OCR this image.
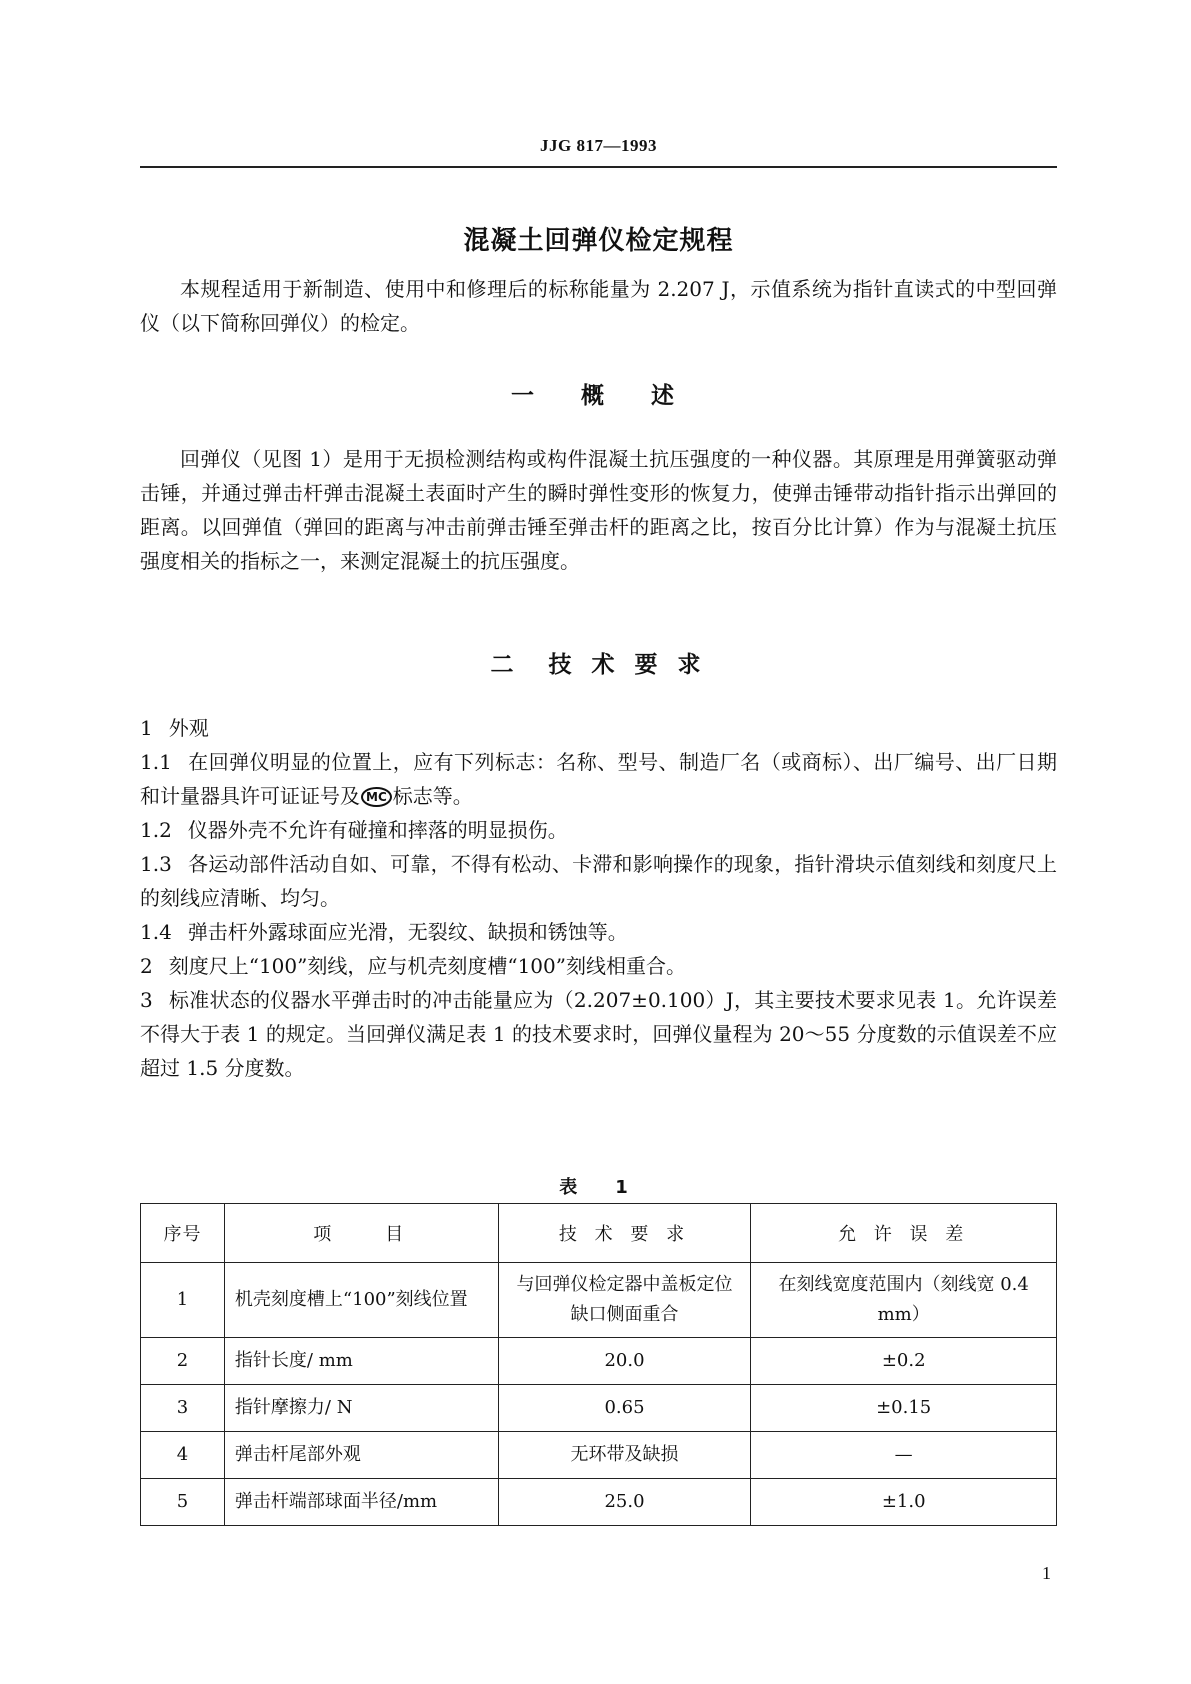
JJG 817—1993
混凝土回弹仪检定规程

本规程适用于新制造、使用中和修理后的标称能量为 2.207 J，示值系统为指针直读式的中型回弹仪（以下简称回弹仪）的检定。

一　概　述

回弹仪（见图 1）是用于无损检测结构或构件混凝土抗压强度的一种仪器。其原理是用弹簧驱动弹击锤，并通过弹击杆弹击混凝土表面时产生的瞬时弹性变形的恢复力，使弹击锤带动指针指示出弹回的距离。以回弹值（弹回的距离与冲击前弹击锤至弹击杆的距离之比，按百分比计算）作为与混凝土抗压强度相关的指标之一，来测定混凝土的抗压强度。

二　技 术 要 求

1 外观

1.1 在回弹仪明显的位置上，应有下列标志：名称、型号、制造厂名（或商标）、出厂编号、出厂日期和计量器具许可证证号及 MC 标志等。

1.2 仪器外壳不允许有碰撞和摔落的明显损伤。

1.3 各运动部件活动自如、可靠，不得有松动、卡滞和影响操作的现象，指针滑块示值刻线和刻度尺上的刻线应清晰、均匀。

1.4 弹击杆外露球面应光滑，无裂纹、缺损和锈蚀等。

2 刻度尺上“100”刻线，应与机壳刻度槽“100”刻线相重合。

3 标准状态的仪器水平弹击时的冲击能量应为（2.207±0.100）J，其主要技术要求见表 1。允许误差不得大于表 1 的规定。当回弹仪满足表 1 的技术要求时，回弹仪量程为 20～55 分度数的示值误差不应超过 1.5 分度数。

表　1
序号	项　　目	技 术 要 求	允 许 误 差
1	机壳刻度槽上“100”刻线位置	与回弹仪检定器中盖板定位缺口侧面重合	在刻线宽度范围内（刻线宽 0.4 mm）
2	指针长度/ mm	20.0	±0.2
3	指针摩擦力/ N	0.65	±0.15
4	弹击杆尾部外观	无环带及缺损	—
5	弹击杆端部球面半径/mm	25.0	±1.0
1
